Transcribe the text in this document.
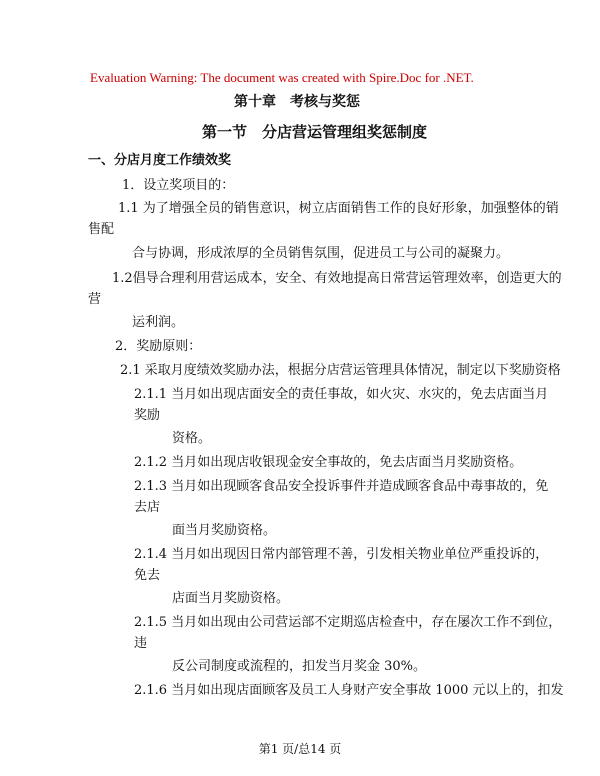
Evaluation Warning: The document was created with Spire.Doc for .NET.
第十章　考核与奖惩
第一节　分店营运管理组奖惩制度
一、分店月度工作绩效奖
1．设立奖项目的：
1.1 为了增强全员的销售意识，树立店面销售工作的良好形象，加强整体的销
售配
合与协调，形成浓厚的全员销售氛围，促进员工与公司的凝聚力。
1.2倡导合理利用营运成本，安全、有效地提高日常营运管理效率，创造更大的
营
运利润。
2．奖励原则：
2.1 采取月度绩效奖励办法，根据分店营运管理具体情况，制定以下奖励资格
2.1.1 当月如出现店面安全的责任事故，如火灾、水灾的，免去店面当月
奖励
资格。
2.1.2 当月如出现店收银现金安全事故的，免去店面当月奖励资格。
2.1.3 当月如出现顾客食品安全投诉事件并造成顾客食品中毒事故的，免
去店
面当月奖励资格。
2.1.4 当月如出现因日常内部管理不善，引发相关物业单位严重投诉的，
免去
店面当月奖励资格。
2.1.5 当月如出现由公司营运部不定期巡店检查中，存在屡次工作不到位，
违
反公司制度或流程的，扣发当月奖金 30%。
2.1.6 当月如出现店面顾客及员工人身财产安全事故 1000 元以上的，扣发
第1 页/总14 页
